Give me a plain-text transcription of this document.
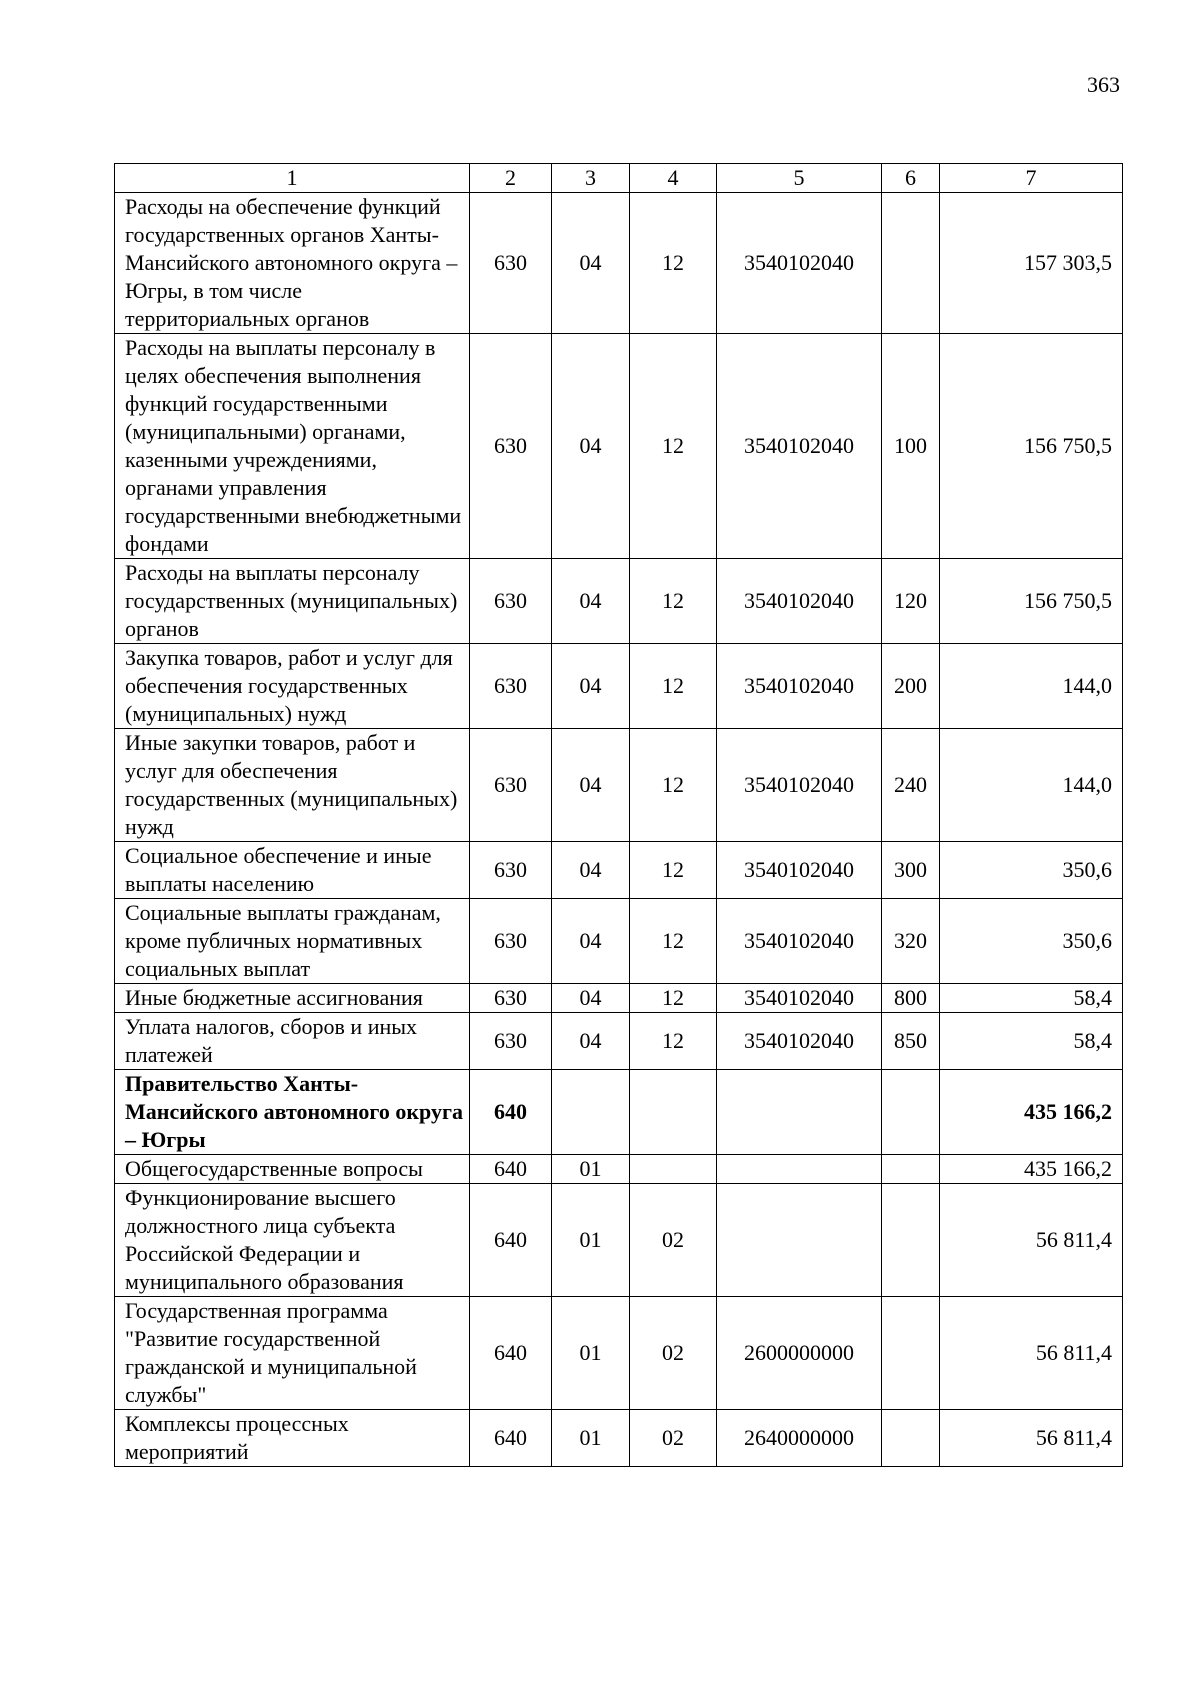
363
1	2	3	4	5	6	7
Расходы на обеспечение функций государственных органов Ханты-Мансийского автономного округа – Югры, в том числе территориальных органов	630	04	12	3540102040		157 303,5
Расходы на выплаты персоналу в целях обеспечения выполнения функций государственными (муниципальными) органами, казенными учреждениями, органами управления государственными внебюджетными фондами	630	04	12	3540102040	100	156 750,5
Расходы на выплаты персоналу государственных (муниципальных) органов	630	04	12	3540102040	120	156 750,5
Закупка товаров, работ и услуг для обеспечения государственных (муниципальных) нужд	630	04	12	3540102040	200	144,0
Иные закупки товаров, работ и услуг для обеспечения государственных (муниципальных) нужд	630	04	12	3540102040	240	144,0
Социальное обеспечение и иные выплаты населению	630	04	12	3540102040	300	350,6
Социальные выплаты гражданам, кроме публичных нормативных социальных выплат	630	04	12	3540102040	320	350,6
Иные бюджетные ассигнования	630	04	12	3540102040	800	58,4
Уплата налогов, сборов и иных платежей	630	04	12	3540102040	850	58,4
Правительство Ханты-Мансийского автономного округа – Югры	640					435 166,2
Общегосударственные вопросы	640	01				435 166,2
Функционирование высшего должностного лица субъекта Российской Федерации и муниципального образования	640	01	02			56 811,4
Государственная программа "Развитие государственной гражданской и муниципальной службы"	640	01	02	2600000000		56 811,4
Комплексы процессных мероприятий	640	01	02	2640000000		56 811,4
